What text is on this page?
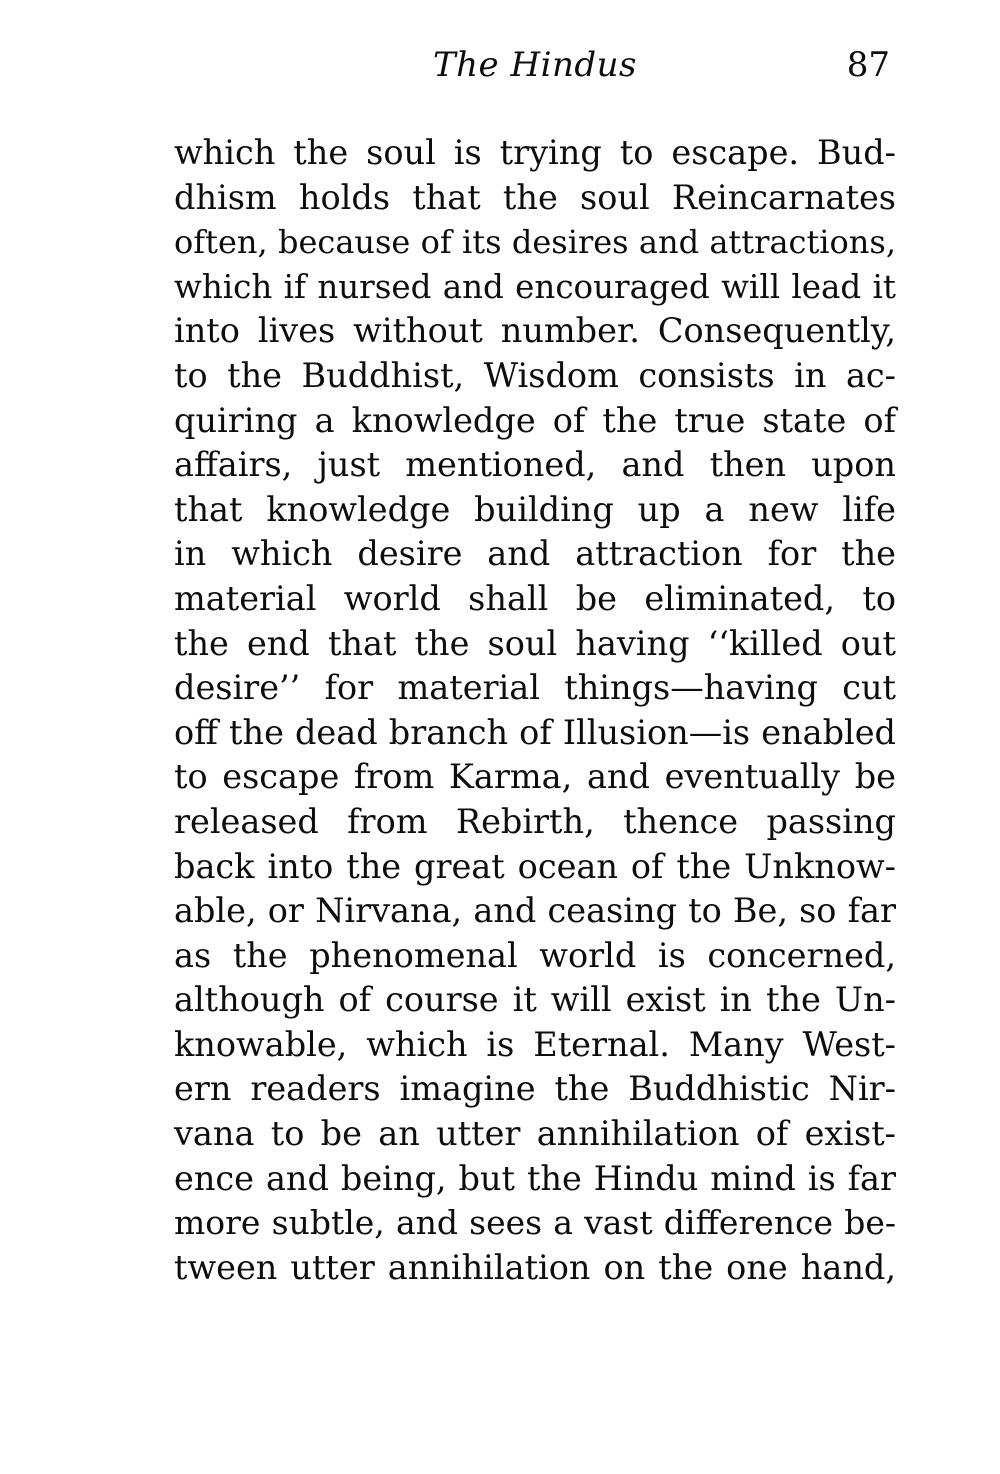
The Hindus	87
which the soul is trying to escape. Bud-
dhism holds that the soul Reincarnates
often, because of its desires and attractions,
which if nursed and encouraged will lead it
into lives without number. Consequently,
to the Buddhist, Wisdom consists in ac-
quiring a knowledge of the true state of
affairs, just mentioned, and then upon
that knowledge building up a new life
in which desire and attraction for the
material world shall be eliminated, to
the end that the soul having ‘‘killed out
desire’’ for material things—having cut
off the dead branch of Illusion—is enabled
to escape from Karma, and eventually be
released from Rebirth, thence passing
back into the great ocean of the Unknow-
able, or Nirvana, and ceasing to Be, so far
as the phenomenal world is concerned,
although of course it will exist in the Un-
knowable, which is Eternal. Many West-
ern readers imagine the Buddhistic Nir-
vana to be an utter annihilation of exist-
ence and being, but the Hindu mind is far
more subtle, and sees a vast difference be-
tween utter annihilation on the one hand,
